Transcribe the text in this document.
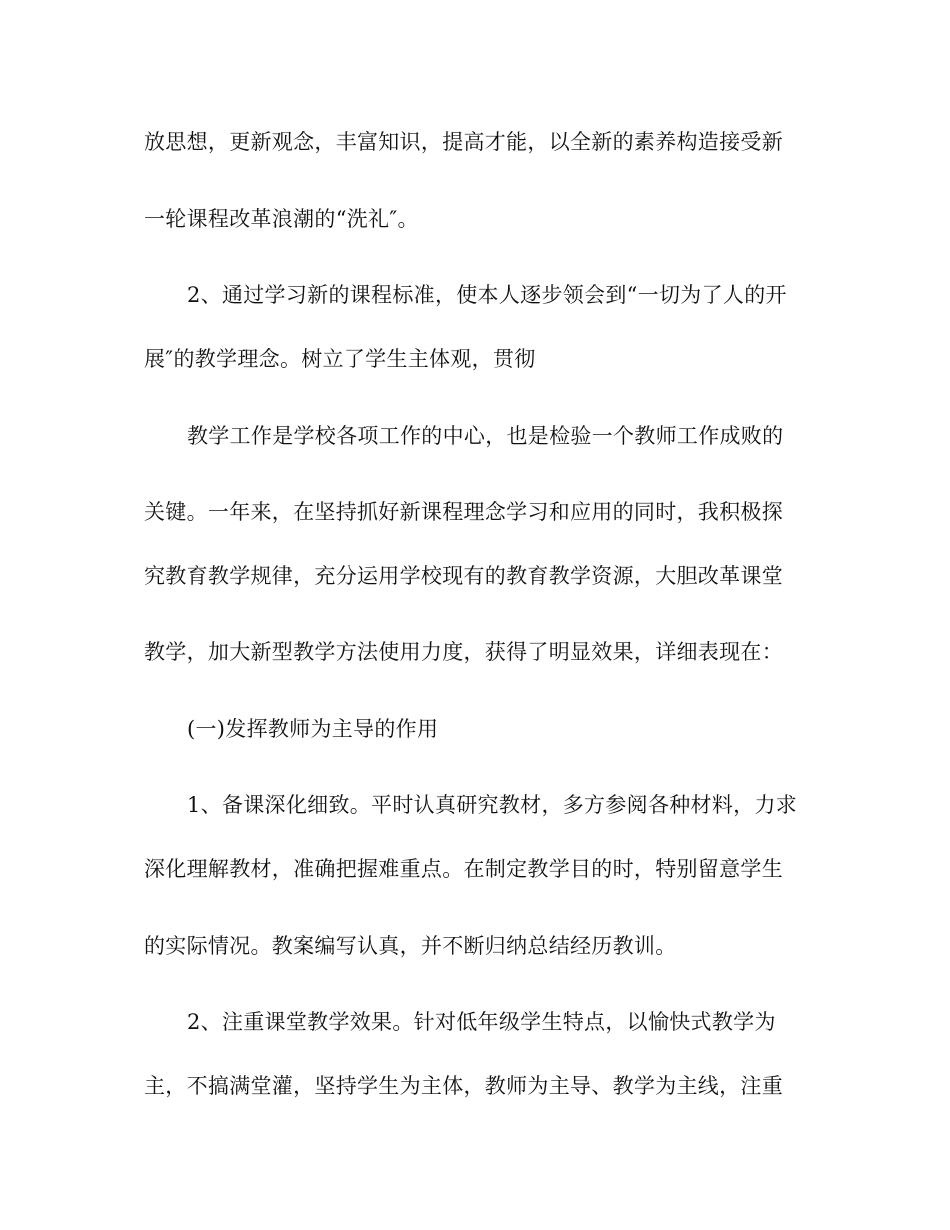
放思想，更新观念，丰富知识，提高才能，以全新的素养构造接受新

一轮课程改革浪潮的“洗礼″。

2、通过学习新的课程标准，使本人逐步领会到“一切为了人的开

展″的教学理念。树立了学生主体观，贯彻

教学工作是学校各项工作的中心，也是检验一个教师工作成败的

关键。一年来，在坚持抓好新课程理念学习和应用的同时，我积极探

究教育教学规律，充分运用学校现有的教育教学资源，大胆改革课堂

教学，加大新型教学方法使用力度，获得了明显效果，详细表现在：

(一)发挥教师为主导的作用

1、备课深化细致。平时认真研究教材，多方参阅各种材料，力求

深化理解教材，准确把握难重点。在制定教学目的时，特别留意学生

的实际情况。教案编写认真，并不断归纳总结经历教训。

2、注重课堂教学效果。针对低年级学生特点，以愉快式教学为

主，不搞满堂灌，坚持学生为主体，教师为主导、教学为主线，注重
